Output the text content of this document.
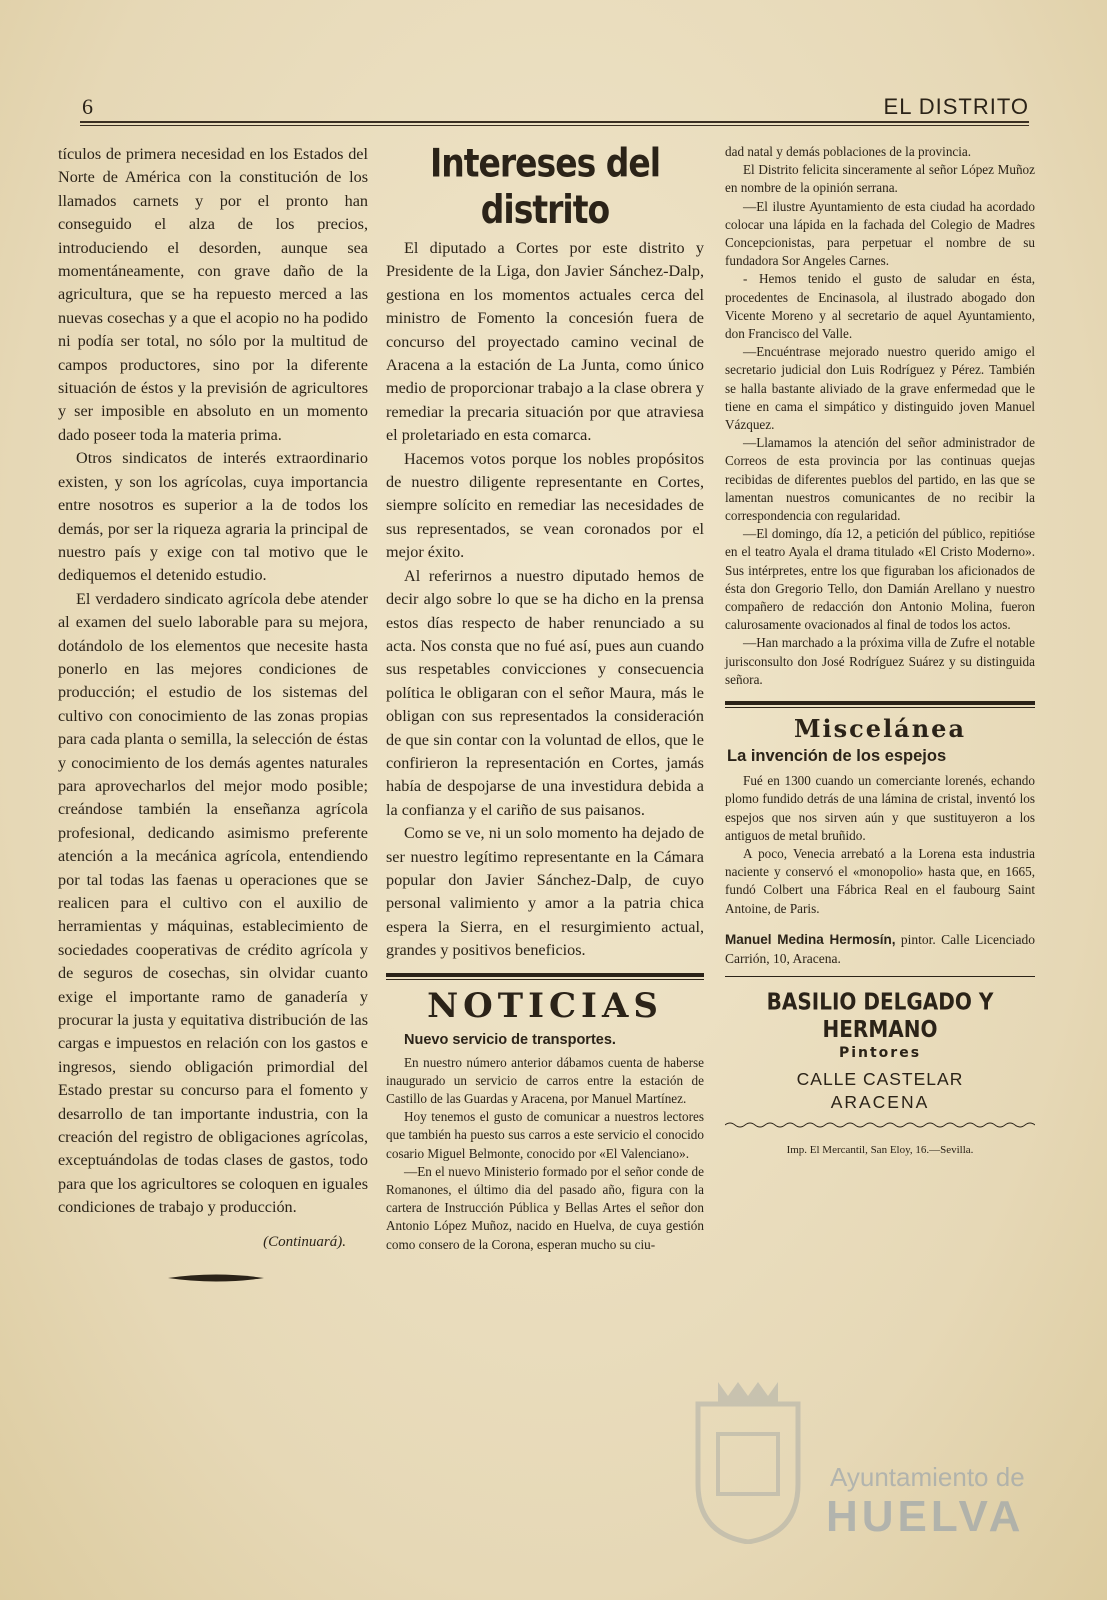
6	EL DISTRITO

tículos de primera necesidad en los Estados del Norte de América con la constitución de los llamados carnets y por el pronto han conseguido el alza de los precios, introduciendo el desorden, aunque sea momentáneamente, con grave daño de la agricultura, que se ha repuesto merced a las nuevas cosechas y a que el acopio no ha podido ni podía ser total, no sólo por la multitud de campos productores, sino por la diferente situación de éstos y la previsión de agricultores y ser imposible en absoluto en un momento dado poseer toda la materia prima.

Otros sindicatos de interés extraordinario existen, y son los agrícolas, cuya importancia entre nosotros es superior a la de todos los demás, por ser la riqueza agraria la principal de nuestro país y exige con tal motivo que le dediquemos el detenido estudio.

El verdadero sindicato agrícola debe atender al examen del suelo laborable para su mejora, dotándolo de los elementos que necesite hasta ponerlo en las mejores condiciones de producción; el estudio de los sistemas del cultivo con conocimiento de las zonas propias para cada planta o semilla, la selección de éstas y conocimiento de los demás agentes naturales para aprovecharlos del mejor modo posible; creándose también la enseñanza agrícola profesional, dedicando asimismo preferente atención a la mecánica agrícola, entendiendo por tal todas las faenas u operaciones que se realicen para el cultivo con el auxilio de herramientas y máquinas, establecimiento de sociedades cooperativas de crédito agrícola y de seguros de cosechas, sin olvidar cuanto exige el importante ramo de ganadería y procurar la justa y equitativa distribución de las cargas e impuestos en relación con los gastos e ingresos, siendo obligación primordial del Estado prestar su concurso para el fomento y desarrollo de tan importante industria, con la creación del registro de obligaciones agrícolas, exceptuándolas de todas clases de gastos, todo para que los agricultores se coloquen en iguales condiciones de trabajo y producción.

(Continuará).
Intereses del distrito

El diputado a Cortes por este distrito y Presidente de la Liga, don Javier Sánchez-Dalp, gestiona en los momentos actuales cerca del ministro de Fomento la concesión fuera de concurso del proyectado camino vecinal de Aracena a la estación de La Junta, como único medio de proporcionar trabajo a la clase obrera y remediar la precaria situación por que atraviesa el proletariado en esta comarca.

Hacemos votos porque los nobles propósitos de nuestro diligente representante en Cortes, siempre solícito en remediar las necesidades de sus representados, se vean coronados por el mejor éxito.

Al referirnos a nuestro diputado hemos de decir algo sobre lo que se ha dicho en la prensa estos días respecto de haber renunciado a su acta. Nos consta que no fué así, pues aun cuando sus respetables convicciones y consecuencia política le obligaran con el señor Maura, más le obligan con sus representados la consideración de que sin contar con la voluntad de ellos, que le confirieron la representación en Cortes, jamás había de despojarse de una investidura debida a la confianza y el cariño de sus paisanos.

Como se ve, ni un solo momento ha dejado de ser nuestro legítimo representante en la Cámara popular don Javier Sánchez-Dalp, de cuyo personal valimiento y amor a la patria chica espera la Sierra, en el resurgimiento actual, grandes y positivos beneficios.

NOTICIAS
Nuevo servicio de transportes.

En nuestro número anterior dábamos cuenta de haberse inaugurado un servicio de carros entre la estación de Castillo de las Guardas y Aracena, por Manuel Martínez.

Hoy tenemos el gusto de comunicar a nuestros lectores que también ha puesto sus carros a este servicio el conocido cosario Miguel Belmonte, conocido por «El Valenciano».

—En el nuevo Ministerio formado por el señor conde de Romanones, el último dia del pasado año, figura con la cartera de Instrucción Pública y Bellas Artes el señor don Antonio López Muñoz, nacido en Huelva, de cuya gestión como consero de la Corona, esperan mucho su ciu-

dad natal y demás poblaciones de la provincia.

El Distrito felicita sinceramente al señor López Muñoz en nombre de la opinión serrana.

—El ilustre Ayuntamiento de esta ciudad ha acordado colocar una lápida en la fachada del Colegio de Madres Concepcionistas, para perpetuar el nombre de su fundadora Sor Angeles Carnes.

- Hemos tenido el gusto de saludar en ésta, procedentes de Encinasola, al ilustrado abogado don Vicente Moreno y al secretario de aquel Ayuntamiento, don Francisco del Valle.

—Encuéntrase mejorado nuestro querido amigo el secretario judicial don Luis Rodríguez y Pérez. También se halla bastante aliviado de la grave enfermedad que le tiene en cama el simpático y distinguido joven Manuel Vázquez.

—Llamamos la atención del señor administrador de Correos de esta provincia por las continuas quejas recibidas de diferentes pueblos del partido, en las que se lamentan nuestros comunicantes de no recibir la correspondencia con regularidad.

—El domingo, día 12, a petición del público, repitióse en el teatro Ayala el drama titulado «El Cristo Moderno». Sus intérpretes, entre los que figuraban los aficionados de ésta don Gregorio Tello, don Damián Arellano y nuestro compañero de redacción don Antonio Molina, fueron calurosamente ovacionados al final de todos los actos.

—Han marchado a la próxima villa de Zufre el notable jurisconsulto don José Rodríguez Suárez y su distinguida señora.

Miscelánea
La invención de los espejos

Fué en 1300 cuando un comerciante lorenés, echando plomo fundido detrás de una lámina de cristal, inventó los espejos que nos sirven aún y que sustituyeron a los antiguos de metal bruñido.

A poco, Venecia arrebató a la Lorena esta industria naciente y conservó el «monopolio» hasta que, en 1665, fundó Colbert una Fábrica Real en el faubourg Saint Antoine, de Paris.

Manuel Medina Hermosín, pintor. Calle Licenciado Carrión, 10, Aracena.
BASILIO DELGADO Y HERMANO
Pintores
CALLE CASTELAR
ARACENA
Imp. El Mercantil, San Eloy, 16.—Sevilla.
Ayuntamiento de
HUELVA
